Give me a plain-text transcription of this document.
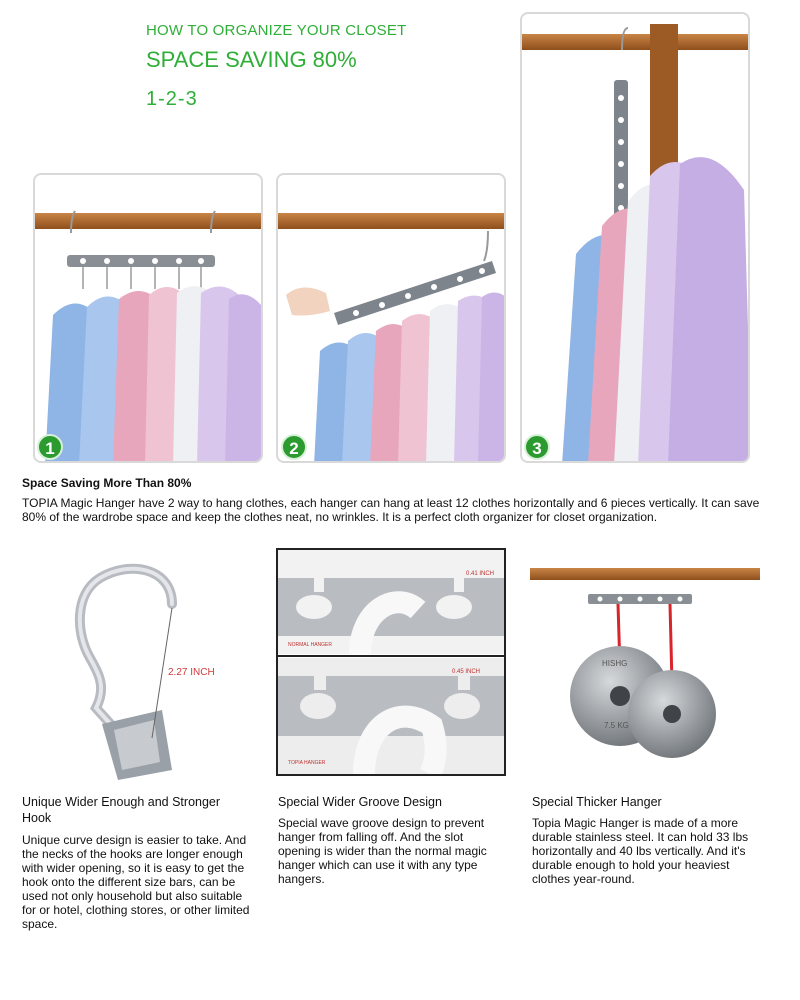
HOW TO ORGANIZE YOUR CLOSET
SPACE SAVING 80%
1-2-3
1	2	3
Space Saving More Than 80%
TOPIA Magic Hanger have 2 way to hang clothes, each hanger can hang at least 12 clothes horizontally and 6 pieces vertically. It can save 80% of the wardrobe space and keep the clothes neat, no wrinkles. It is a perfect cloth organizer for closet organization.
2.27 INCH
Unique Wider Enough and Stronger Hook
Unique curve design is easier to take. And the necks of the hooks are longer enough with wider opening, so it is easy to get the hook onto the different size bars, can be used not only household but also suitable for or hotel, clothing stores, or other limited space.
0.41 INCH
NORMAL HANGER
0.45 INCH
TOPIA HANGER
Special Wider Groove Design
Special wave groove design to prevent hanger from falling off. And the slot opening is wider than the normal magic hanger which can use it with any type hangers.
HISHG
7.5 KG
Special Thicker Hanger
Topia Magic Hanger is made of a more durable stainless steel. It can hold 33 lbs horizontally and 40 lbs vertically. And it's durable enough to hold your heaviest clothes year-round.
